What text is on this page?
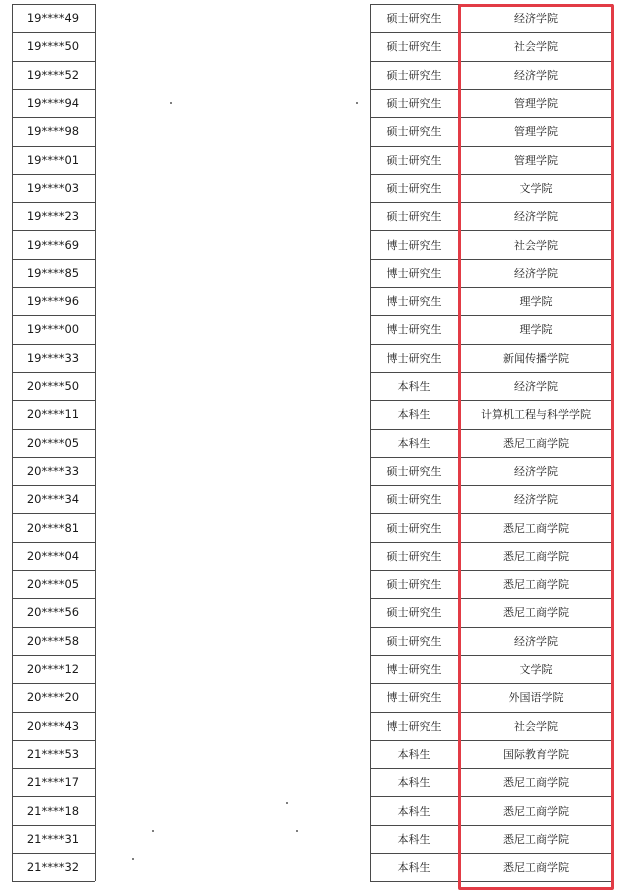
19****49	硕士研究生	经济学院
19****50	硕士研究生	社会学院
19****52	硕士研究生	经济学院
19****94	硕士研究生	管理学院
19****98	硕士研究生	管理学院
19****01	硕士研究生	管理学院
19****03	硕士研究生	文学院
19****23	硕士研究生	经济学院
19****69	博士研究生	社会学院
19****85	博士研究生	经济学院
19****96	博士研究生	理学院
19****00	博士研究生	理学院
19****33	博士研究生	新闻传播学院
20****50	本科生	经济学院
20****11	本科生	计算机工程与科学学院
20****05	本科生	悉尼工商学院
20****33	硕士研究生	经济学院
20****34	硕士研究生	经济学院
20****81	硕士研究生	悉尼工商学院
20****04	硕士研究生	悉尼工商学院
20****05	硕士研究生	悉尼工商学院
20****56	硕士研究生	悉尼工商学院
20****58	硕士研究生	经济学院
20****12	博士研究生	文学院
20****20	博士研究生	外国语学院
20****43	博士研究生	社会学院
21****53	本科生	国际教育学院
21****17	本科生	悉尼工商学院
21****18	本科生	悉尼工商学院
21****31	本科生	悉尼工商学院
21****32	本科生	悉尼工商学院
